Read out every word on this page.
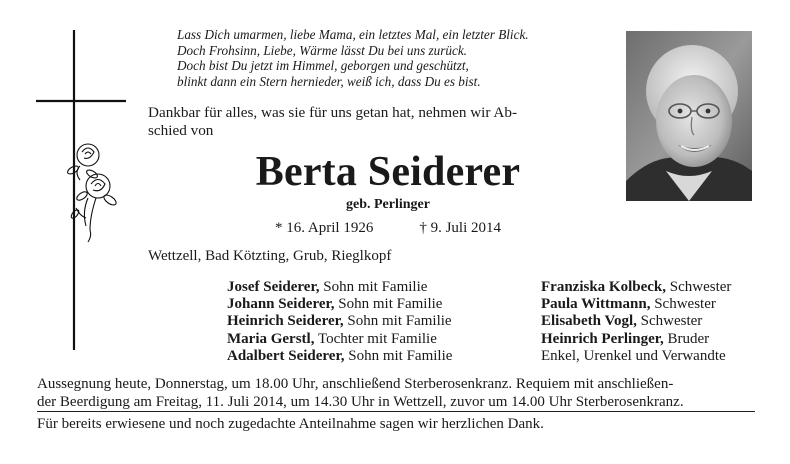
Lass Dich umarmen, liebe Mama, ein letztes Mal, ein letzter Blick.
Doch Frohsinn, Liebe, Wärme lässt Du bei uns zurück.
Doch bist Du jetzt im Himmel, geborgen und geschützt,
blinkt dann ein Stern hernieder, weiß ich, dass Du es bist.

Dankbar für alles, was sie für uns getan hat, nehmen wir Ab-
schied von

Berta Seiderer
geb. Perlinger
* 16. April 1926	† 9. Juli 2014
Wettzell, Bad Kötzting, Grub, Rieglkopf
Josef Seiderer, Sohn mit Familie
Johann Seiderer, Sohn mit Familie
Heinrich Seiderer, Sohn mit Familie
Maria Gerstl, Tochter mit Familie
Adalbert Seiderer, Sohn mit Familie
Franziska Kolbeck, Schwester
Paula Wittmann, Schwester
Elisabeth Vogl, Schwester
Heinrich Perlinger, Bruder
Enkel, Urenkel und Verwandte

Aussegnung heute, Donnerstag, um 18.00 Uhr, anschließend Sterberosenkranz. Requiem mit anschließen-
der Beerdigung am Freitag, 11. Juli 2014, um 14.30 Uhr in Wettzell, zuvor um 14.00 Uhr Sterberosenkranz.

Für bereits erwiesene und noch zugedachte Anteilnahme sagen wir herzlichen Dank.
